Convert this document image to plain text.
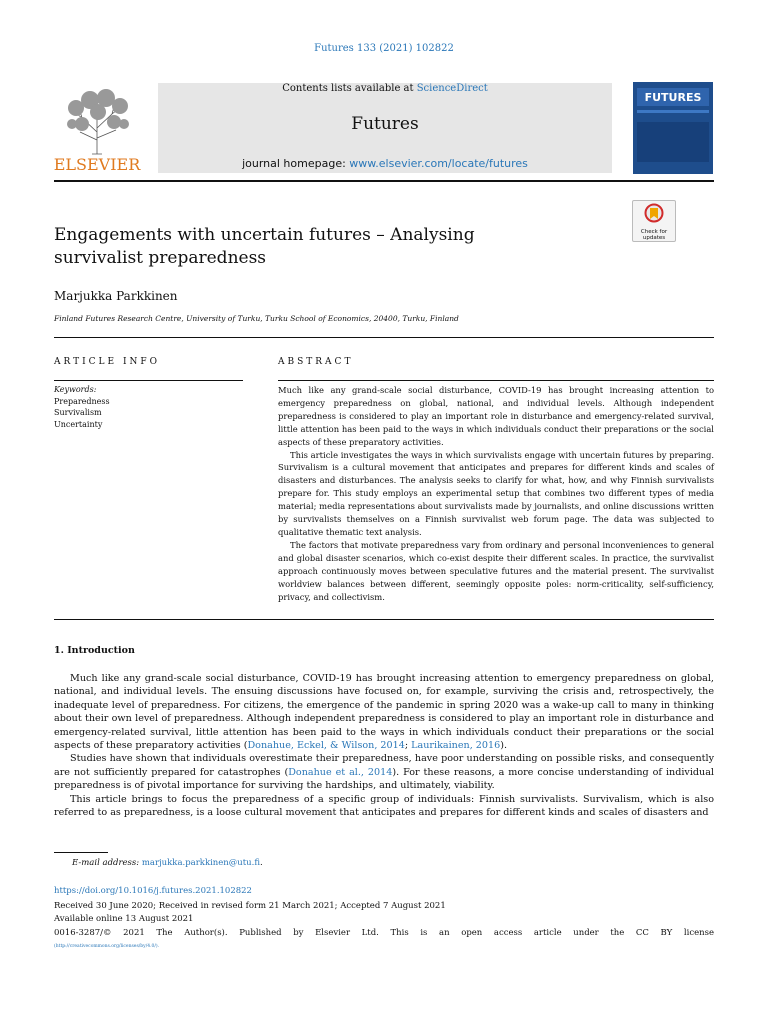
Futures 133 (2021) 102822
ELSEVIER
Contents lists available at ScienceDirect
Futures
journal homepage: www.elsevier.com/locate/futures
FUTURES
Check for
updates
Engagements with uncertain futures – Analysing survivalist preparedness
Marjukka Parkkinen
Finland Futures Research Centre, University of Turku, Turku School of Economics, 20400, Turku, Finland
ARTICLE INFO	ABSTRACT
Keywords:
Preparedness
Survivalism
Uncertainty

Much like any grand-scale social disturbance, COVID-19 has brought increasing attention to emergency preparedness on global, national, and individual levels. Although independent preparedness is considered to play an important role in disturbance and emergency-related survival, little attention has been paid to the ways in which individuals conduct their preparations or the social aspects of these preparatory activities.

This article investigates the ways in which survivalists engage with uncertain futures by preparing. Survivalism is a cultural movement that anticipates and prepares for different kinds and scales of disasters and disturbances. The analysis seeks to clarify for what, how, and why Finnish survivalists prepare for. This study employs an experimental setup that combines two different types of media material; media representations about survivalists made by journalists, and online discussions written by survivalists themselves on a Finnish survivalist web forum page. The data was subjected to qualitative thematic text analysis.

The factors that motivate preparedness vary from ordinary and personal inconveniences to general and global disaster scenarios, which co-exist despite their different scales. In practice, the survivalist approach continuously moves between speculative futures and the material present. The survivalist worldview balances between different, seemingly opposite poles: norm-criticality, self-sufficiency, privacy, and collectivism.

1. Introduction

Much like any grand-scale social disturbance, COVID-19 has brought increasing attention to emergency preparedness on global, national, and individual levels. The ensuing discussions have focused on, for example, surviving the crisis and, retrospectively, the inadequate level of preparedness. For citizens, the emergence of the pandemic in spring 2020 was a wake-up call to many in thinking about their own level of preparedness. Although independent preparedness is considered to play an important role in disturbance and emergency-related survival, little attention has been paid to the ways in which individuals conduct their preparations or the social aspects of these preparatory activities (Donahue, Eckel, & Wilson, 2014; Laurikainen, 2016).

Studies have shown that individuals overestimate their preparedness, have poor understanding on possible risks, and consequently are not sufficiently prepared for catastrophes (Donahue et al., 2014). For these reasons, a more concise understanding of individual preparedness is of pivotal importance for surviving the hardships, and ultimately, viability.

This article brings to focus the preparedness of a specific group of individuals: Finnish survivalists. Survivalism, which is also referred to as preparedness, is a loose cultural movement that anticipates and prepares for different kinds and scales of disasters and

E-mail address: marjukka.parkkinen@utu.fi.
https://doi.org/10.1016/j.futures.2021.102822
Received 30 June 2020; Received in revised form 21 March 2021; Accepted 7 August 2021
Available online 13 August 2021
0016-3287/© 2021 The Author(s). Published by Elsevier Ltd. This is an open access article under the CC BY license
(http://creativecommons.org/licenses/by/4.0/).
